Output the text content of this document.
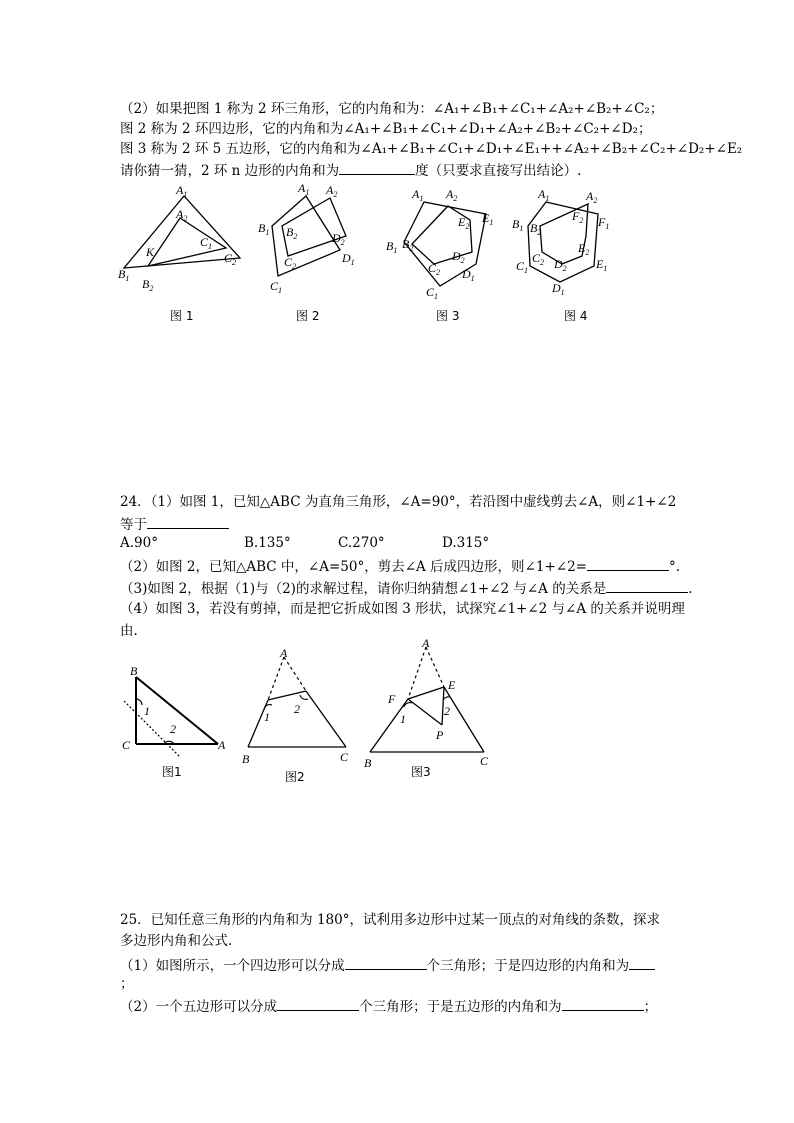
（2）如果把图 1 称为 2 环三角形，它的内角和为：∠A₁+∠B₁+∠C₁+∠A₂+∠B₂+∠C₂；
图 2 称为 2 环四边形，它的内角和为∠A₁+∠B₁+∠C₁+∠D₁+∠A₂+∠B₂+∠C₂+∠D₂；
图 3 称为 2 环 5 五边形，它的内角和为∠A₁+∠B₁+∠C₁+∠D₁+∠E₁++∠A₂+∠B₂+∠C₂+∠D₂+∠E₂
请你猜一猜，2 环 n 边形的内角和为	度（只要求直接写出结论）.
$A_1$
$A_2$
$C_1$
$C_2$
K
$B_1$ $B_2$
$A_1$ $A_2$
$B_1$ $B_2$	$D_2$
$D_1$
$C_2$
$C_1$
$A_1$ $A_2$
$E_1$
$E_2$
$B_1$ $B_2$
$D_2$
$C_2$ $D_1$
$C_1$
$A_1$	$A_2$
$F_2$ $F_1$
$B_1$ $B_2$
$E_2$
$E_1$
$C_2$ $D_2$
$C_1$
$D_1$
图 1	图 2	图 3	图 4
24．（1）如图 1，已知△ABC 为直角三角形，∠A=90°，若沿图中虚线剪去∠A，则∠1+∠2
等于
A.90°	B.135°	C.270°	D.315°
（2）如图 2，已知△ABC 中，∠A=50°，剪去∠A 后成四边形，则∠1+∠2=	°.
（3)如图 2，根据（1)与（2)的求解过程，请你归纳猜想∠1+∠2 与∠A 的关系是	.
（4）如图 3，若没有剪掉，而是把它折成如图 3 形状，试探究∠1+∠2 与∠A 的关系并说明理
由.
B
C	A
1
2
A
B	C
1
2
A
E
F
P
B	C
1
2
图1	图2	图3
25．已知任意三角形的内角和为 180°，试利用多边形中过某一顶点的对角线的条数，探求
多边形内角和公式.
（1）如图所示，一个四边形可以分成	个三角形；于是四边形的内角和为
；
（2）一个五边形可以分成	个三角形；于是五边形的内角和为	；
